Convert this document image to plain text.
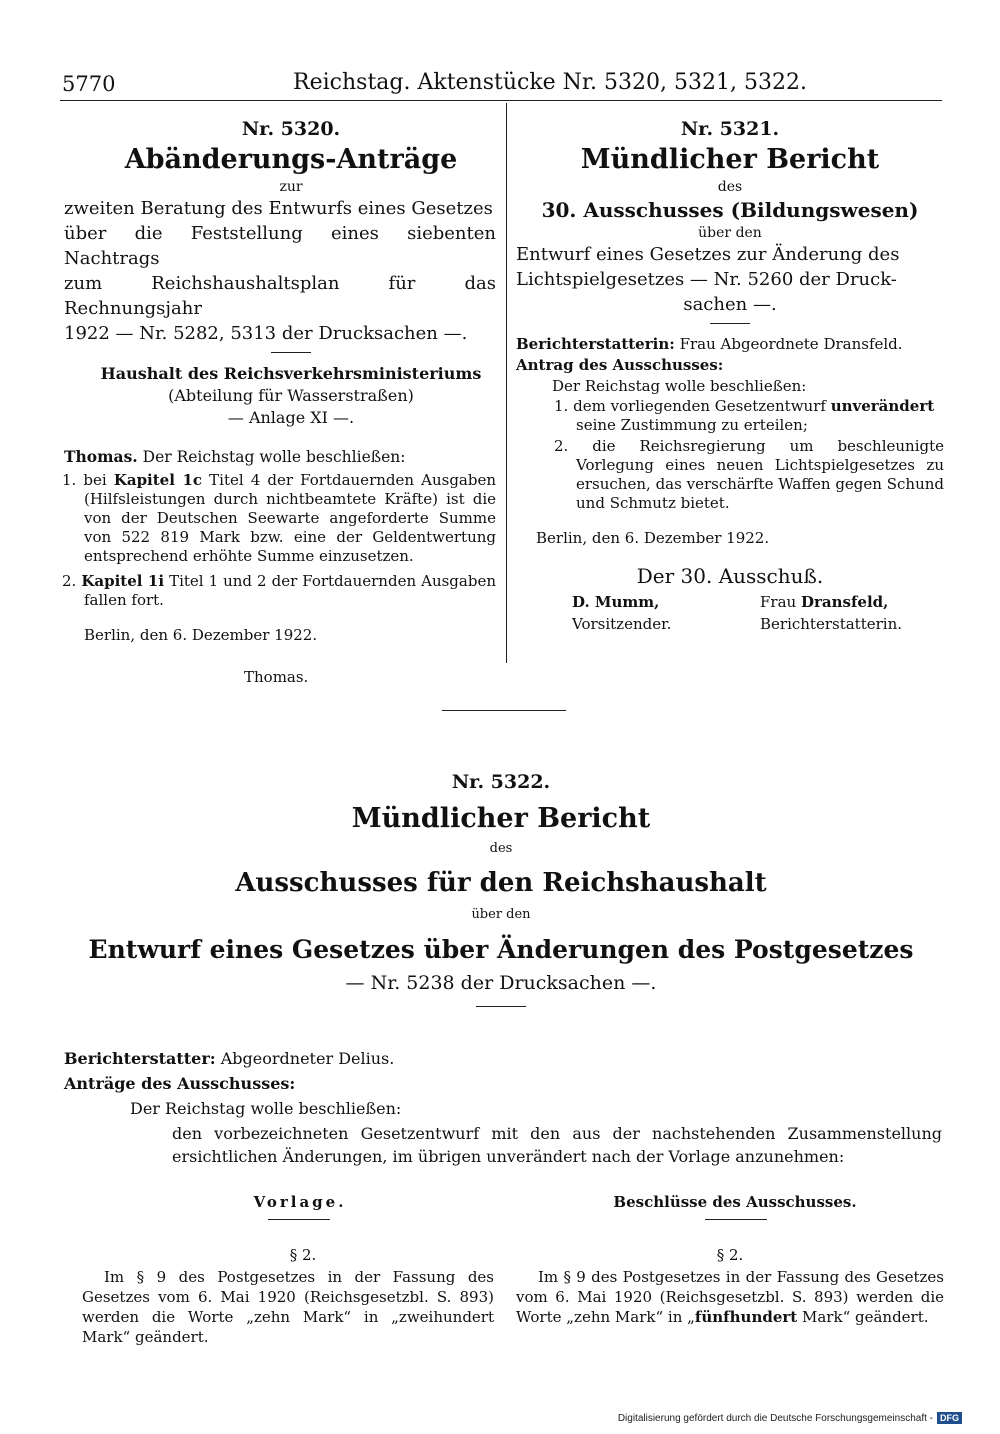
5770	Reichstag. Aktenstücke Nr. 5320, 5321, 5322.
Nr. 5320.
Abänderungs-Anträge
zur
zweiten Beratung des Entwurfs eines Gesetzes
über die Feststellung eines siebenten Nachtrags
zum Reichshaushaltsplan für das Rechnungsjahr
1922 — Nr. 5282, 5313 der Drucksachen —.
Haushalt des Reichsverkehrsministeriums
(Abteilung für Wasserstraßen)
— Anlage XI —.
Thomas. Der Reichstag wolle beschließen:
1. bei Kapitel 1c Titel 4 der Fortdauernden Ausgaben (Hilfsleistungen durch nichtbeamtete Kräfte) ist die von der Deutschen Seewarte angeforderte Summe von 522 819 Mark bzw. eine der Geldentwertung entsprechend erhöhte Summe einzusetzen.
2. Kapitel 1i Titel 1 und 2 der Fortdauernden Ausgaben fallen fort.
Berlin, den 6. Dezember 1922.
Thomas.
Nr. 5321.
Mündlicher Bericht
des
30. Ausschusses (Bildungswesen)
über den
Entwurf eines Gesetzes zur Änderung des
Lichtspielgesetzes — Nr. 5260 der Druck-
sachen —.
Berichterstatterin: Frau Abgeordnete Dransfeld.
Antrag des Ausschusses:
Der Reichstag wolle beschließen:
1. dem vorliegenden Gesetzentwurf unverändert seine Zustimmung zu erteilen;
2. die Reichsregierung um beschleunigte Vorlegung eines neuen Lichtspielgesetzes zu ersuchen, das verschärfte Waffen gegen Schund und Schmutz bietet.
Berlin, den 6. Dezember 1922.
Der 30. Ausschuß.
D. Mumm,
Vorsitzender.
Frau Dransfeld,
Berichterstatterin.
Nr. 5322.
Mündlicher Bericht
des
Ausschusses für den Reichshaushalt
über den
Entwurf eines Gesetzes über Änderungen des Postgesetzes
— Nr. 5238 der Drucksachen —.
Berichterstatter: Abgeordneter Delius.
Anträge des Ausschusses:
Der Reichstag wolle beschließen:
den vorbezeichneten Gesetzentwurf mit den aus der nachstehenden Zusammenstellung ersichtlichen Änderungen, im übrigen unverändert nach der Vorlage anzunehmen:
Vorlage.	Beschlüsse des Ausschusses.
§ 2.
Im § 9 des Postgesetzes in der Fassung des Gesetzes vom 6. Mai 1920 (Reichsgesetzbl. S. 893) werden die Worte „zehn Mark“ in „zweihundert Mark“ geändert.
§ 2.
Im § 9 des Postgesetzes in der Fassung des Gesetzes vom 6. Mai 1920 (Reichsgesetzbl. S. 893) werden die Worte „zehn Mark“ in „fünfhundert Mark“ geändert.
Digitalisierung gefördert durch die Deutsche Forschungsgemeinschaft - DFG
